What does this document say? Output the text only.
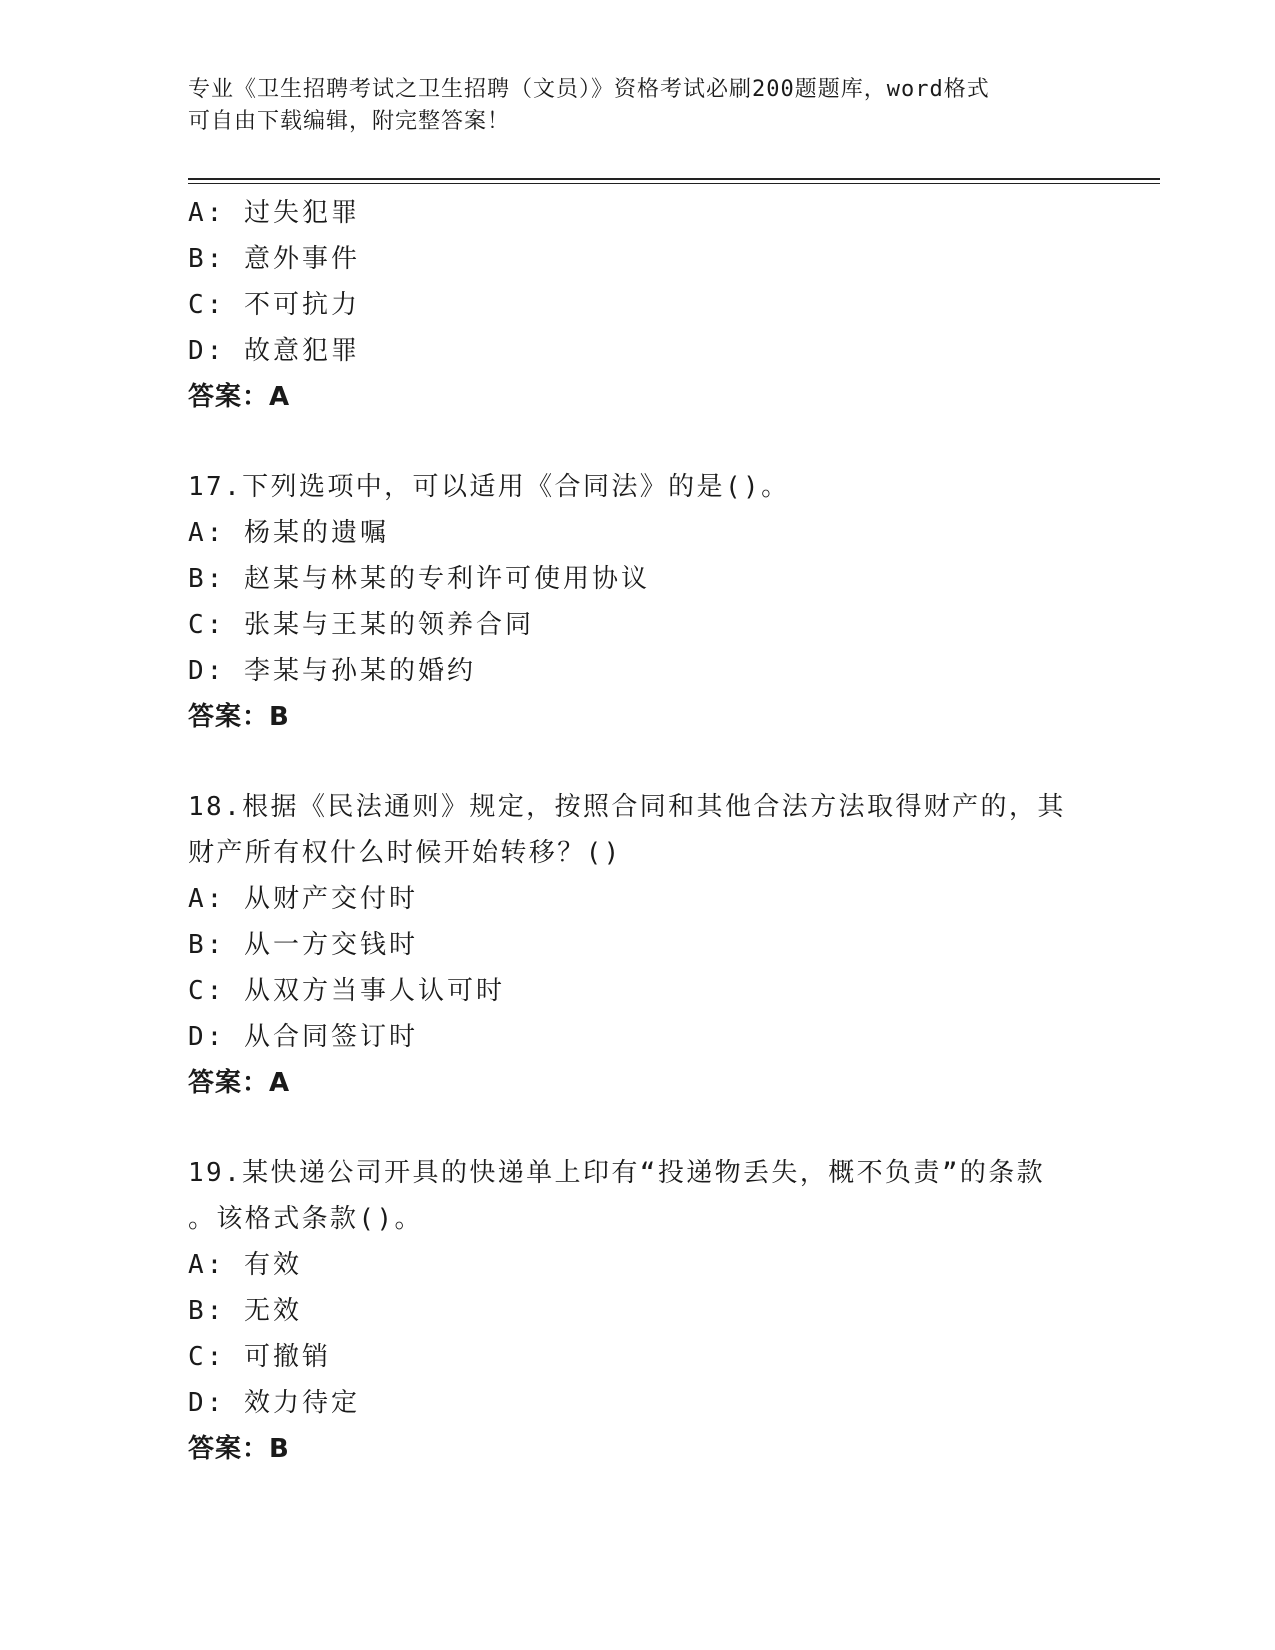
专业《卫生招聘考试之卫生招聘（文员）》资格考试必刷200题题库，word格式
可自由下载编辑，附完整答案！
A: 过失犯罪
B: 意外事件
C: 不可抗力
D: 故意犯罪
答案：A
17.下列选项中，可以适用《合同法》的是()。
A: 杨某的遗嘱
B: 赵某与林某的专利许可使用协议
C: 张某与王某的领养合同
D: 李某与孙某的婚约
答案：B
18.根据《民法通则》规定，按照合同和其他合法方法取得财产的，其
财产所有权什么时候开始转移？()
A: 从财产交付时
B: 从一方交钱时
C: 从双方当事人认可时
D: 从合同签订时
答案：A
19.某快递公司开具的快递单上印有“投递物丢失，概不负责”的条款
。该格式条款()。
A: 有效
B: 无效
C: 可撤销
D: 效力待定
答案：B
